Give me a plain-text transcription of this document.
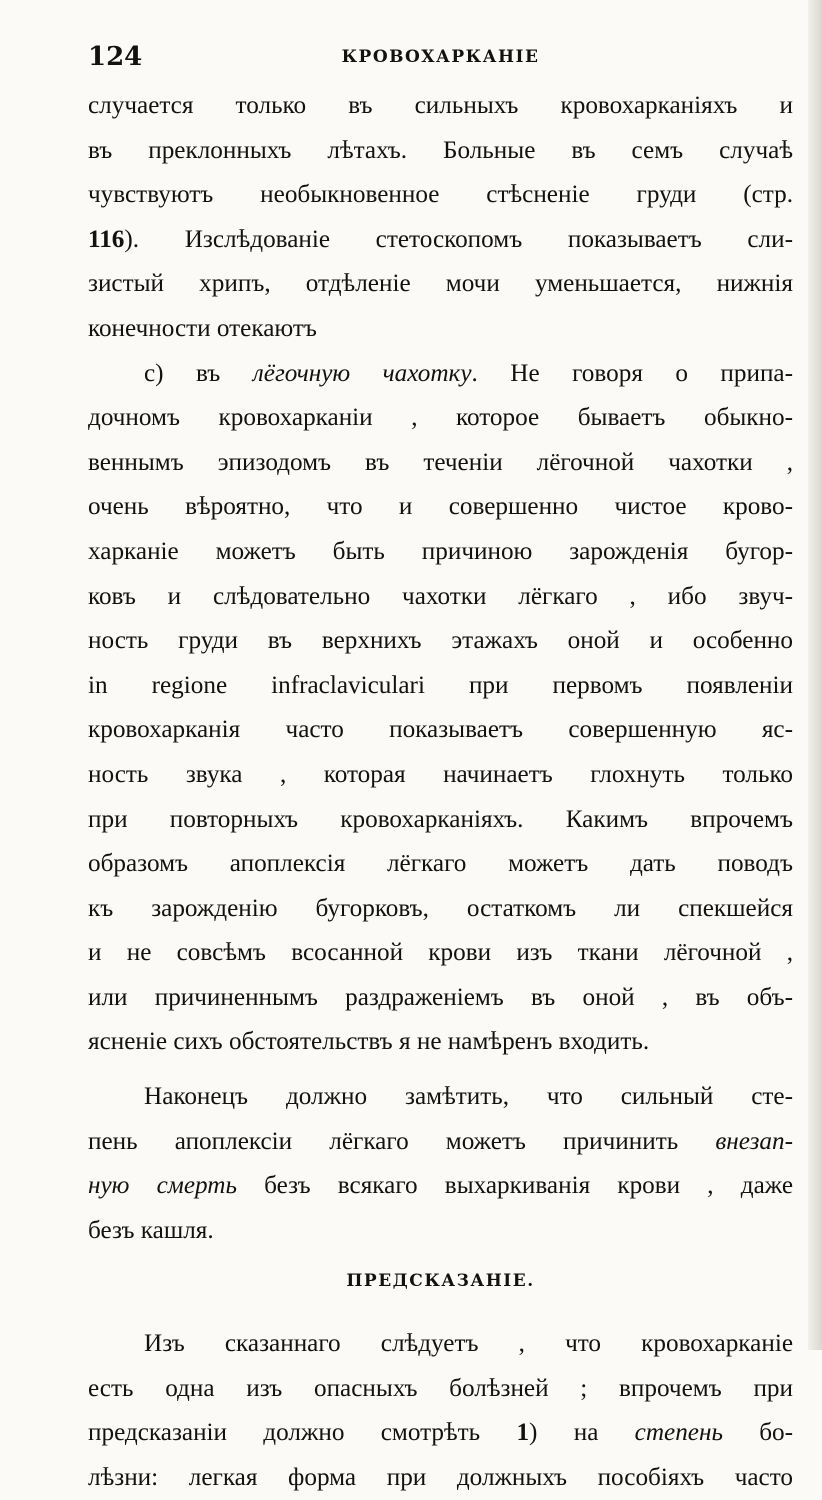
124	КРОВОХАРКАНІЕ
случается только въ сильныхъ кровохарканіяхъ и
въ преклонныхъ лѣтахъ. Больные въ семъ случаѣ
чувствуютъ необыкновенное стѣсненіе груди (стр.
116). Изслѣдованіе стетоскопомъ показываетъ сли-
зистый хрипъ, отдѣленіе мочи уменьшается, нижнія
конечности отекаютъ
c) въ лёгочную чахотку. Не говоря о припа-
дочномъ кровохарканіи , которое бываетъ обыкно-
веннымъ эпизодомъ въ теченіи лёгочной чахотки ,
очень вѣроятно, что и совершенно чистое крово-
харканіе можетъ быть причиною зарожденія бугор-
ковъ и слѣдовательно чахотки лёгкаго , ибо звуч-
ность груди въ верхнихъ этажахъ оной и особенно
in regione infraclaviculari при первомъ появленіи
кровохарканія часто показываетъ совершенную яс-
ность звука , которая начинаетъ глохнуть только
при повторныхъ кровохарканіяхъ. Какимъ впрочемъ
образомъ апоплексія лёгкаго можетъ дать поводъ
къ зарожденію бугорковъ, остаткомъ ли спекшейся
и не совсѣмъ всосанной крови изъ ткани лёгочной ,
или причиненнымъ раздраженіемъ въ оной , въ объ-
ясненіе сихъ обстоятельствъ я не намѣренъ входить.
Наконецъ должно замѣтить, что сильный сте-
пень апоплексіи лёгкаго можетъ причинить внезап-
ную смерть безъ всякаго выхаркиванія крови , даже
безъ кашля.
ПРЕДСКАЗАНІЕ.
Изъ сказаннаго слѣдуетъ , что кровохарканіе
есть одна изъ опасныхъ болѣзней ; впрочемъ при
предсказаніи должно смотрѣть 1) на степень бо-
лѣзни: легкая форма при должныхъ пособіяхъ часто
